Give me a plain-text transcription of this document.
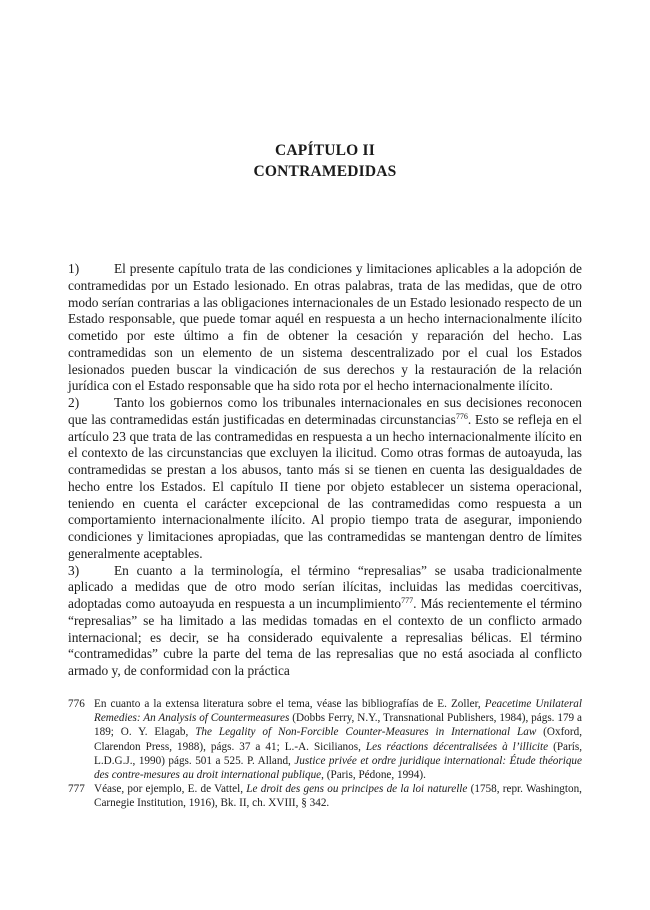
CAPÍTULO II
CONTRAMEDIDAS

1)	El presente capítulo trata de las condiciones y limitaciones aplicables a la adopción de contramedidas por un Estado lesionado. En otras palabras, trata de las medidas, que de otro modo serían contrarias a las obligaciones internacionales de un Estado lesionado respecto de un Estado responsable, que puede tomar aquél en respuesta a un hecho internacionalmente ilícito cometido por este último a fin de obtener la cesación y reparación del hecho. Las contramedidas son un elemento de un sistema descentralizado por el cual los Estados lesionados pueden buscar la vindicación de sus derechos y la restauración de la relación jurídica con el Estado responsable que ha sido rota por el hecho internacionalmente ilícito.

2)	Tanto los gobiernos como los tribunales internacionales en sus decisiones reconocen que las contramedidas están justificadas en determinadas circunstancias$^{776}$. Esto se refleja en el artículo 23 que trata de las contramedidas en respuesta a un hecho internacionalmente ilícito en el contexto de las circunstancias que excluyen la ilicitud. Como otras formas de autoayuda, las contramedidas se prestan a los abusos, tanto más si se tienen en cuenta las desigualdades de hecho entre los Estados. El capítulo II tiene por objeto establecer un sistema operacional, teniendo en cuenta el carácter excepcional de las contramedidas como respuesta a un comportamiento internacionalmente ilícito. Al propio tiempo trata de asegurar, imponiendo condiciones y limitaciones apropiadas, que las contramedidas se mantengan dentro de límites generalmente aceptables.

3)	En cuanto a la terminología, el término “represalias” se usaba tradicionalmente aplicado a medidas que de otro modo serían ilícitas, incluidas las medidas coercitivas, adoptadas como autoayuda en respuesta a un incumplimiento$^{777}$. Más recientemente el término “represalias” se ha limitado a las medidas tomadas en el contexto de un conflicto armado internacional; es decir, se ha considerado equivalente a represalias bélicas. El término “contramedidas” cubre la parte del tema de las represalias que no está asociada al conflicto armado y, de conformidad con la práctica

776 En cuanto a la extensa literatura sobre el tema, véase las bibliografías de E. Zoller, Peacetime Unilateral Remedies: An Analysis of Countermeasures (Dobbs Ferry, N.Y., Transnational Publishers, 1984), págs. 179 a 189; O. Y. Elagab, The Legality of Non-Forcible Counter-Measures in International Law (Oxford, Clarendon Press, 1988), págs. 37 a 41; L.-A. Sicilianos, Les réactions décentralisées à l’illicite (París, L.D.G.J., 1990) págs. 501 a 525. P. Alland, Justice privée et ordre juridique international: Étude théorique des contre-mesures au droit international publique, (Paris, Pédone, 1994).
777 Véase, por ejemplo, E. de Vattel, Le droit des gens ou principes de la loi naturelle (1758, repr. Washington, Carnegie Institution, 1916), Bk. II, ch. XVIII, § 342.
